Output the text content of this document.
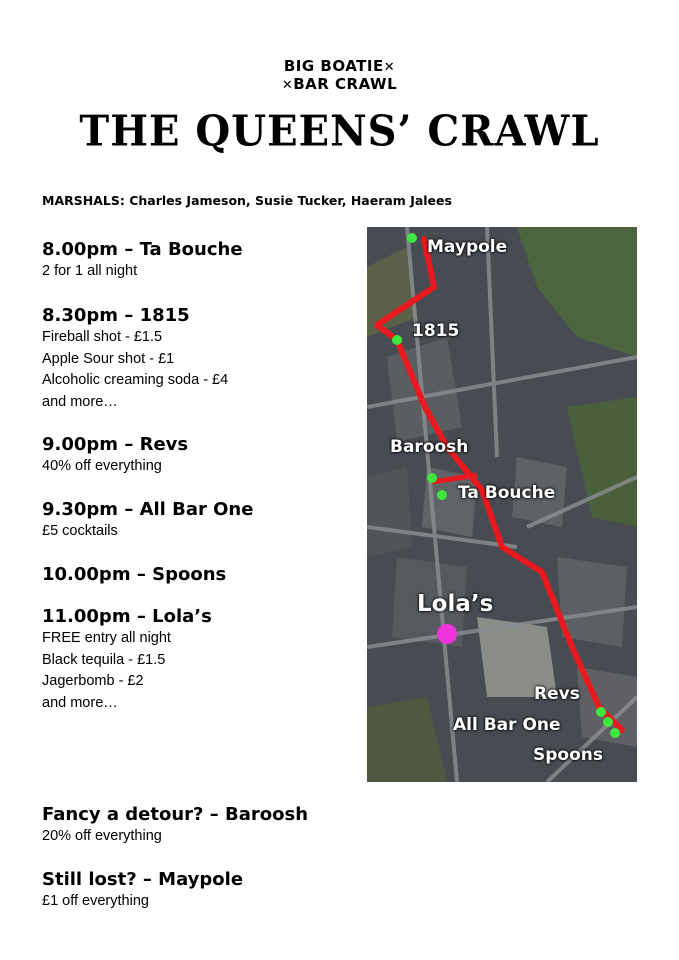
BIG BOATIE✕
✕BAR CRAWL
THE QUEENS’ CRAWL
MARSHALS: Charles Jameson, Susie Tucker, Haeram Jalees
8.00pm – Ta Bouche
2 for 1 all night
8.30pm – 1815
Fireball shot - £1.5
Apple Sour shot - £1
Alcoholic creaming soda - £4
and more…
9.00pm – Revs
40% off everything
9.30pm – All Bar One
£5 cocktails
10.00pm – Spoons
11.00pm – Lola’s
FREE entry all night
Black tequila - £1.5
Jagerbomb - £2
and more…
Fancy a detour? – Baroosh
20% off everything
Still lost? – Maypole
£1 off everything
Maypole
1815
Baroosh
Ta Bouche
Lola’s
Revs
All Bar One
Spoons
